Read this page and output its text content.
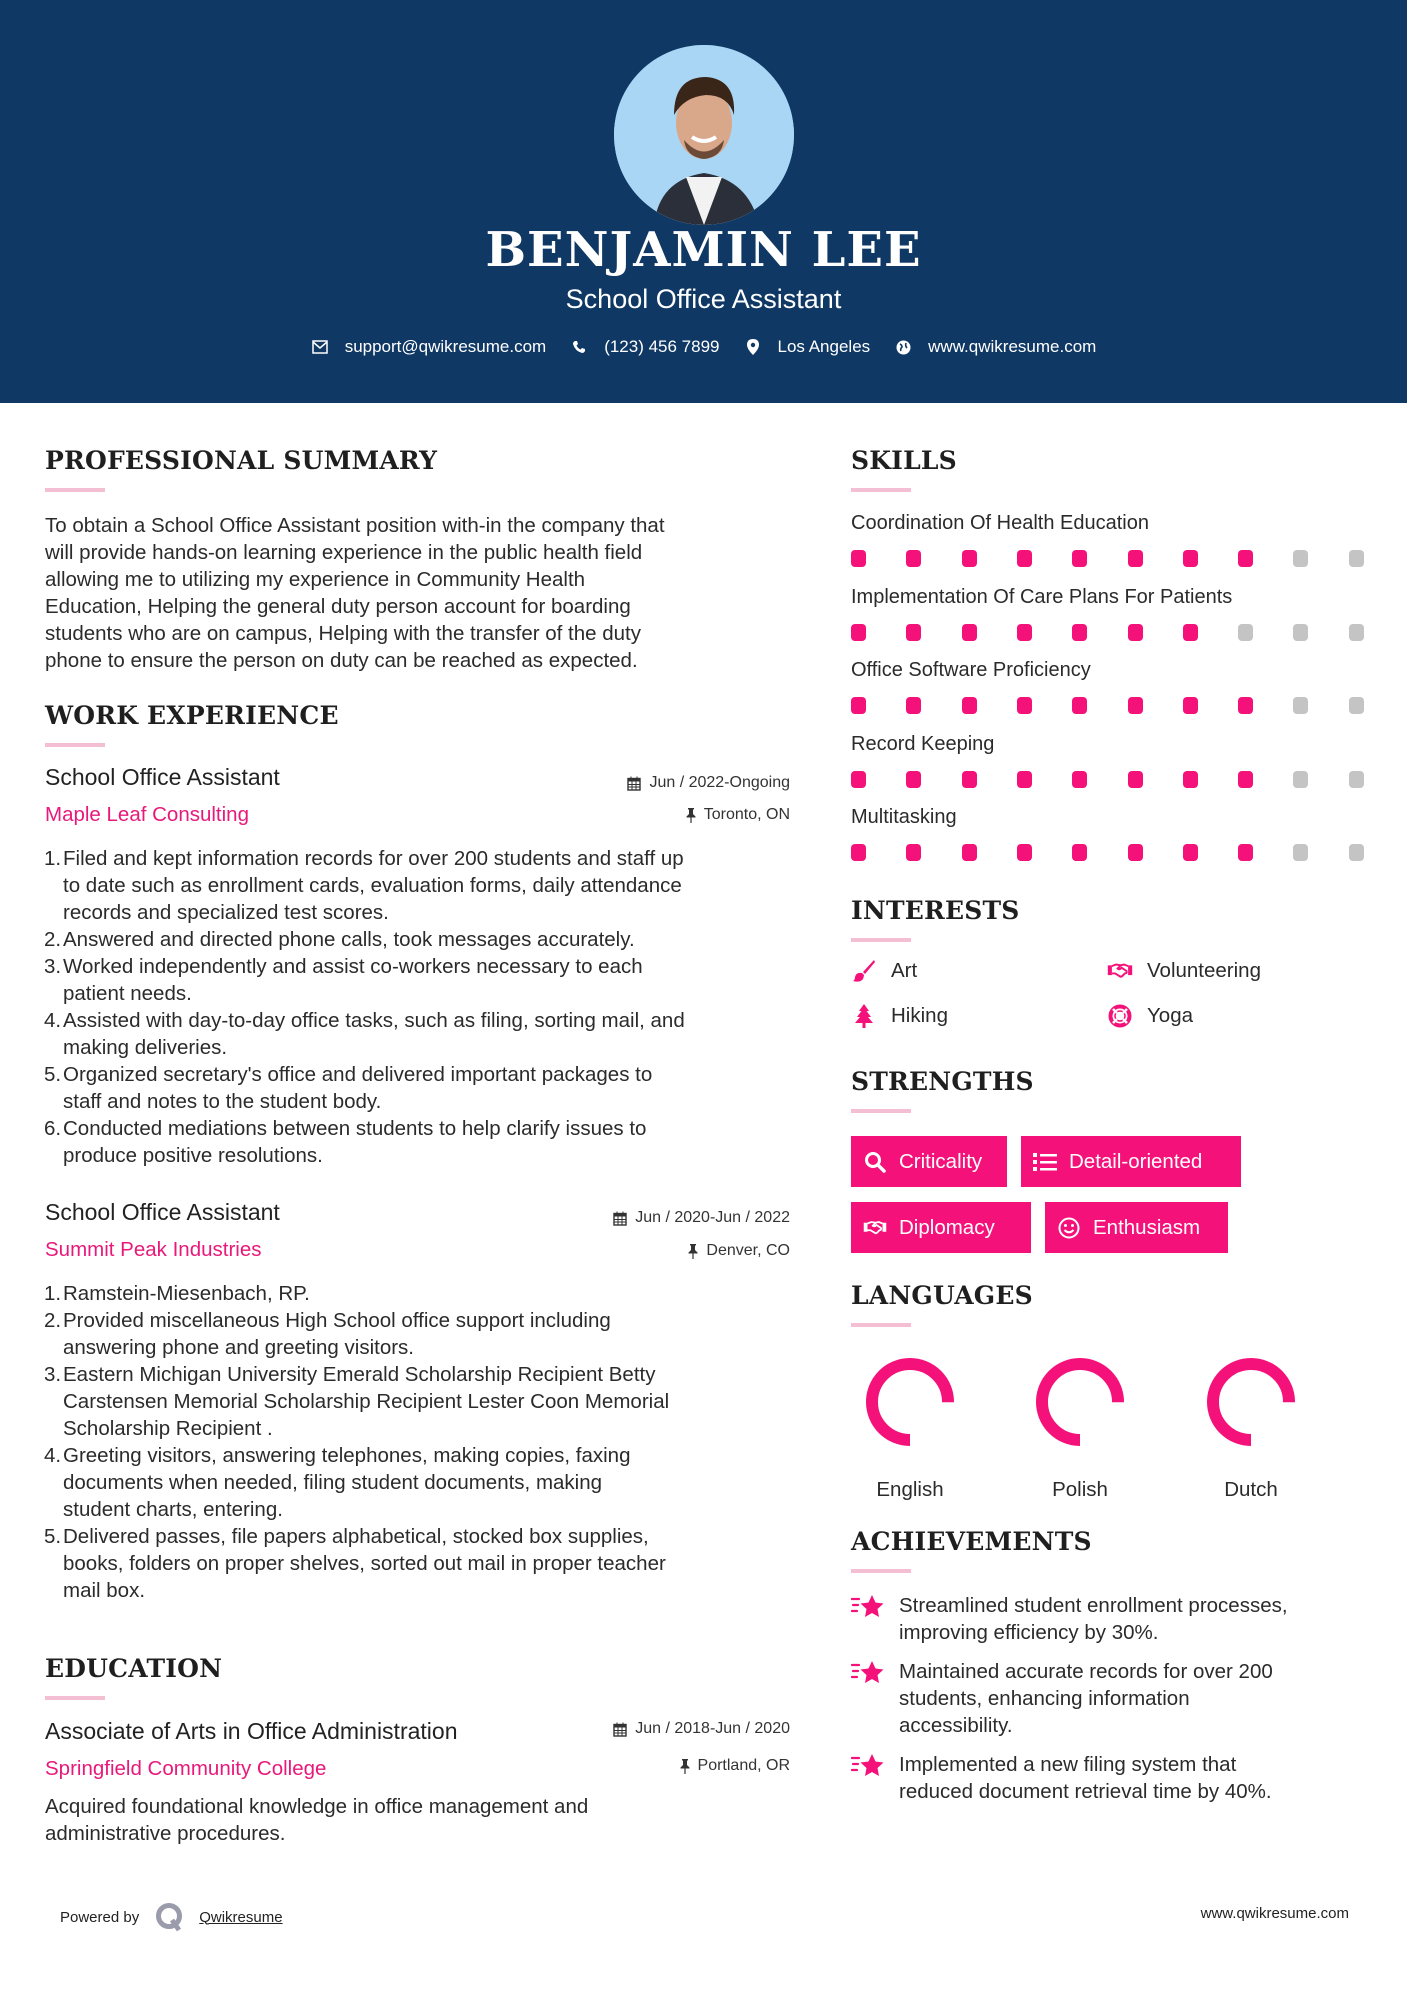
BENJAMIN LEE
School Office Assistant
support@qwikresume.com	(123) 456 7899	Los Angeles	www.qwikresume.com
PROFESSIONAL SUMMARY
To obtain a School Office Assistant position with-in the company that
will provide hands-on learning experience in the public health field
allowing me to utilizing my experience in Community Health
Education, Helping the general duty person account for boarding
students who are on campus, Helping with the transfer of the duty
phone to ensure the person on duty can be reached as expected.
WORK EXPERIENCE
School Office Assistant	Jun / 2022-Ongoing
Maple Leaf Consulting	Toronto, ON
1. Filed and kept information records for over 200 students and staff up
to date such as enrollment cards, evaluation forms, daily attendance
records and specialized test scores.
2. Answered and directed phone calls, took messages accurately.
3. Worked independently and assist co-workers necessary to each
patient needs.
4. Assisted with day-to-day office tasks, such as filing, sorting mail, and
making deliveries.
5. Organized secretary's office and delivered important packages to
staff and notes to the student body.
6. Conducted mediations between students to help clarify issues to
produce positive resolutions.
School Office Assistant	Jun / 2020-Jun / 2022
Summit Peak Industries	Denver, CO
1. Ramstein-Miesenbach, RP.
2. Provided miscellaneous High School office support including
answering phone and greeting visitors.
3. Eastern Michigan University Emerald Scholarship Recipient Betty
Carstensen Memorial Scholarship Recipient Lester Coon Memorial
Scholarship Recipient .
4. Greeting visitors, answering telephones, making copies, faxing
documents when needed, filing student documents, making
student charts, entering.
5. Delivered passes, file papers alphabetical, stocked box supplies,
books, folders on proper shelves, sorted out mail in proper teacher
mail box.
EDUCATION
Associate of Arts in Office Administration	Jun / 2018-Jun / 2020
Springfield Community College	Portland, OR
Acquired foundational knowledge in office management and
administrative procedures.
SKILLS
Coordination Of Health Education
Implementation Of Care Plans For Patients
Office Software Proficiency
Record Keeping
Multitasking
INTERESTS
Art	Volunteering
Hiking	Yoga
STRENGTHS
Criticality	Detail-oriented
Diplomacy	Enthusiasm
LANGUAGES
English	Polish	Dutch
ACHIEVEMENTS
Streamlined student enrollment processes,
improving efficiency by 30%.
Maintained accurate records for over 200
students, enhancing information
accessibility.
Implemented a new filing system that
reduced document retrieval time by 40%.
Powered by	Qwikresume	www.qwikresume.com
